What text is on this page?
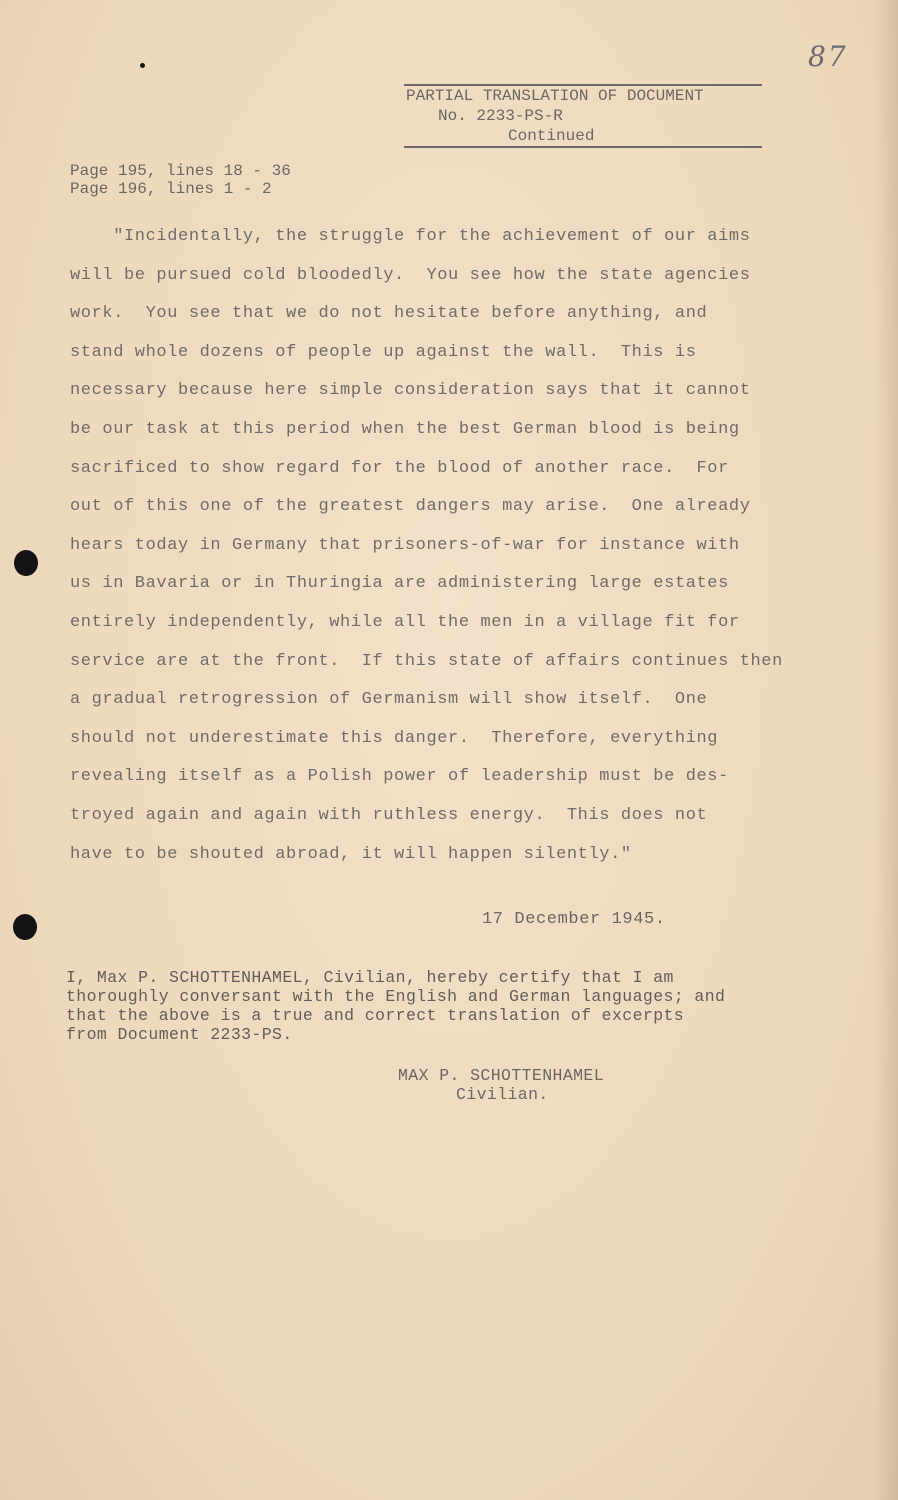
87
PARTIAL TRANSLATION OF DOCUMENT
No. 2233-PS-R
Continued
Page 195, lines 18 - 36
Page 196, lines 1 - 2
"Incidentally, the struggle for the achievement of our aims
will be pursued cold bloodedly.  You see how the state agencies
work.  You see that we do not hesitate before anything, and
stand whole dozens of people up against the wall.  This is
necessary because here simple consideration says that it cannot
be our task at this period when the best German blood is being
sacrificed to show regard for the blood of another race.  For
out of this one of the greatest dangers may arise.  One already
hears today in Germany that prisoners-of-war for instance with
us in Bavaria or in Thuringia are administering large estates
entirely independently, while all the men in a village fit for
service are at the front.  If this state of affairs continues then
a gradual retrogression of Germanism will show itself.  One
should not underestimate this danger.  Therefore, everything
revealing itself as a Polish power of leadership must be des-
troyed again and again with ruthless energy.  This does not
have to be shouted abroad, it will happen silently."
17 December 1945.
I, Max P. SCHOTTENHAMEL, Civilian, hereby certify that I am
thoroughly conversant with the English and German languages; and
that the above is a true and correct translation of excerpts
from Document 2233-PS.
MAX P. SCHOTTENHAMEL
Civilian.
